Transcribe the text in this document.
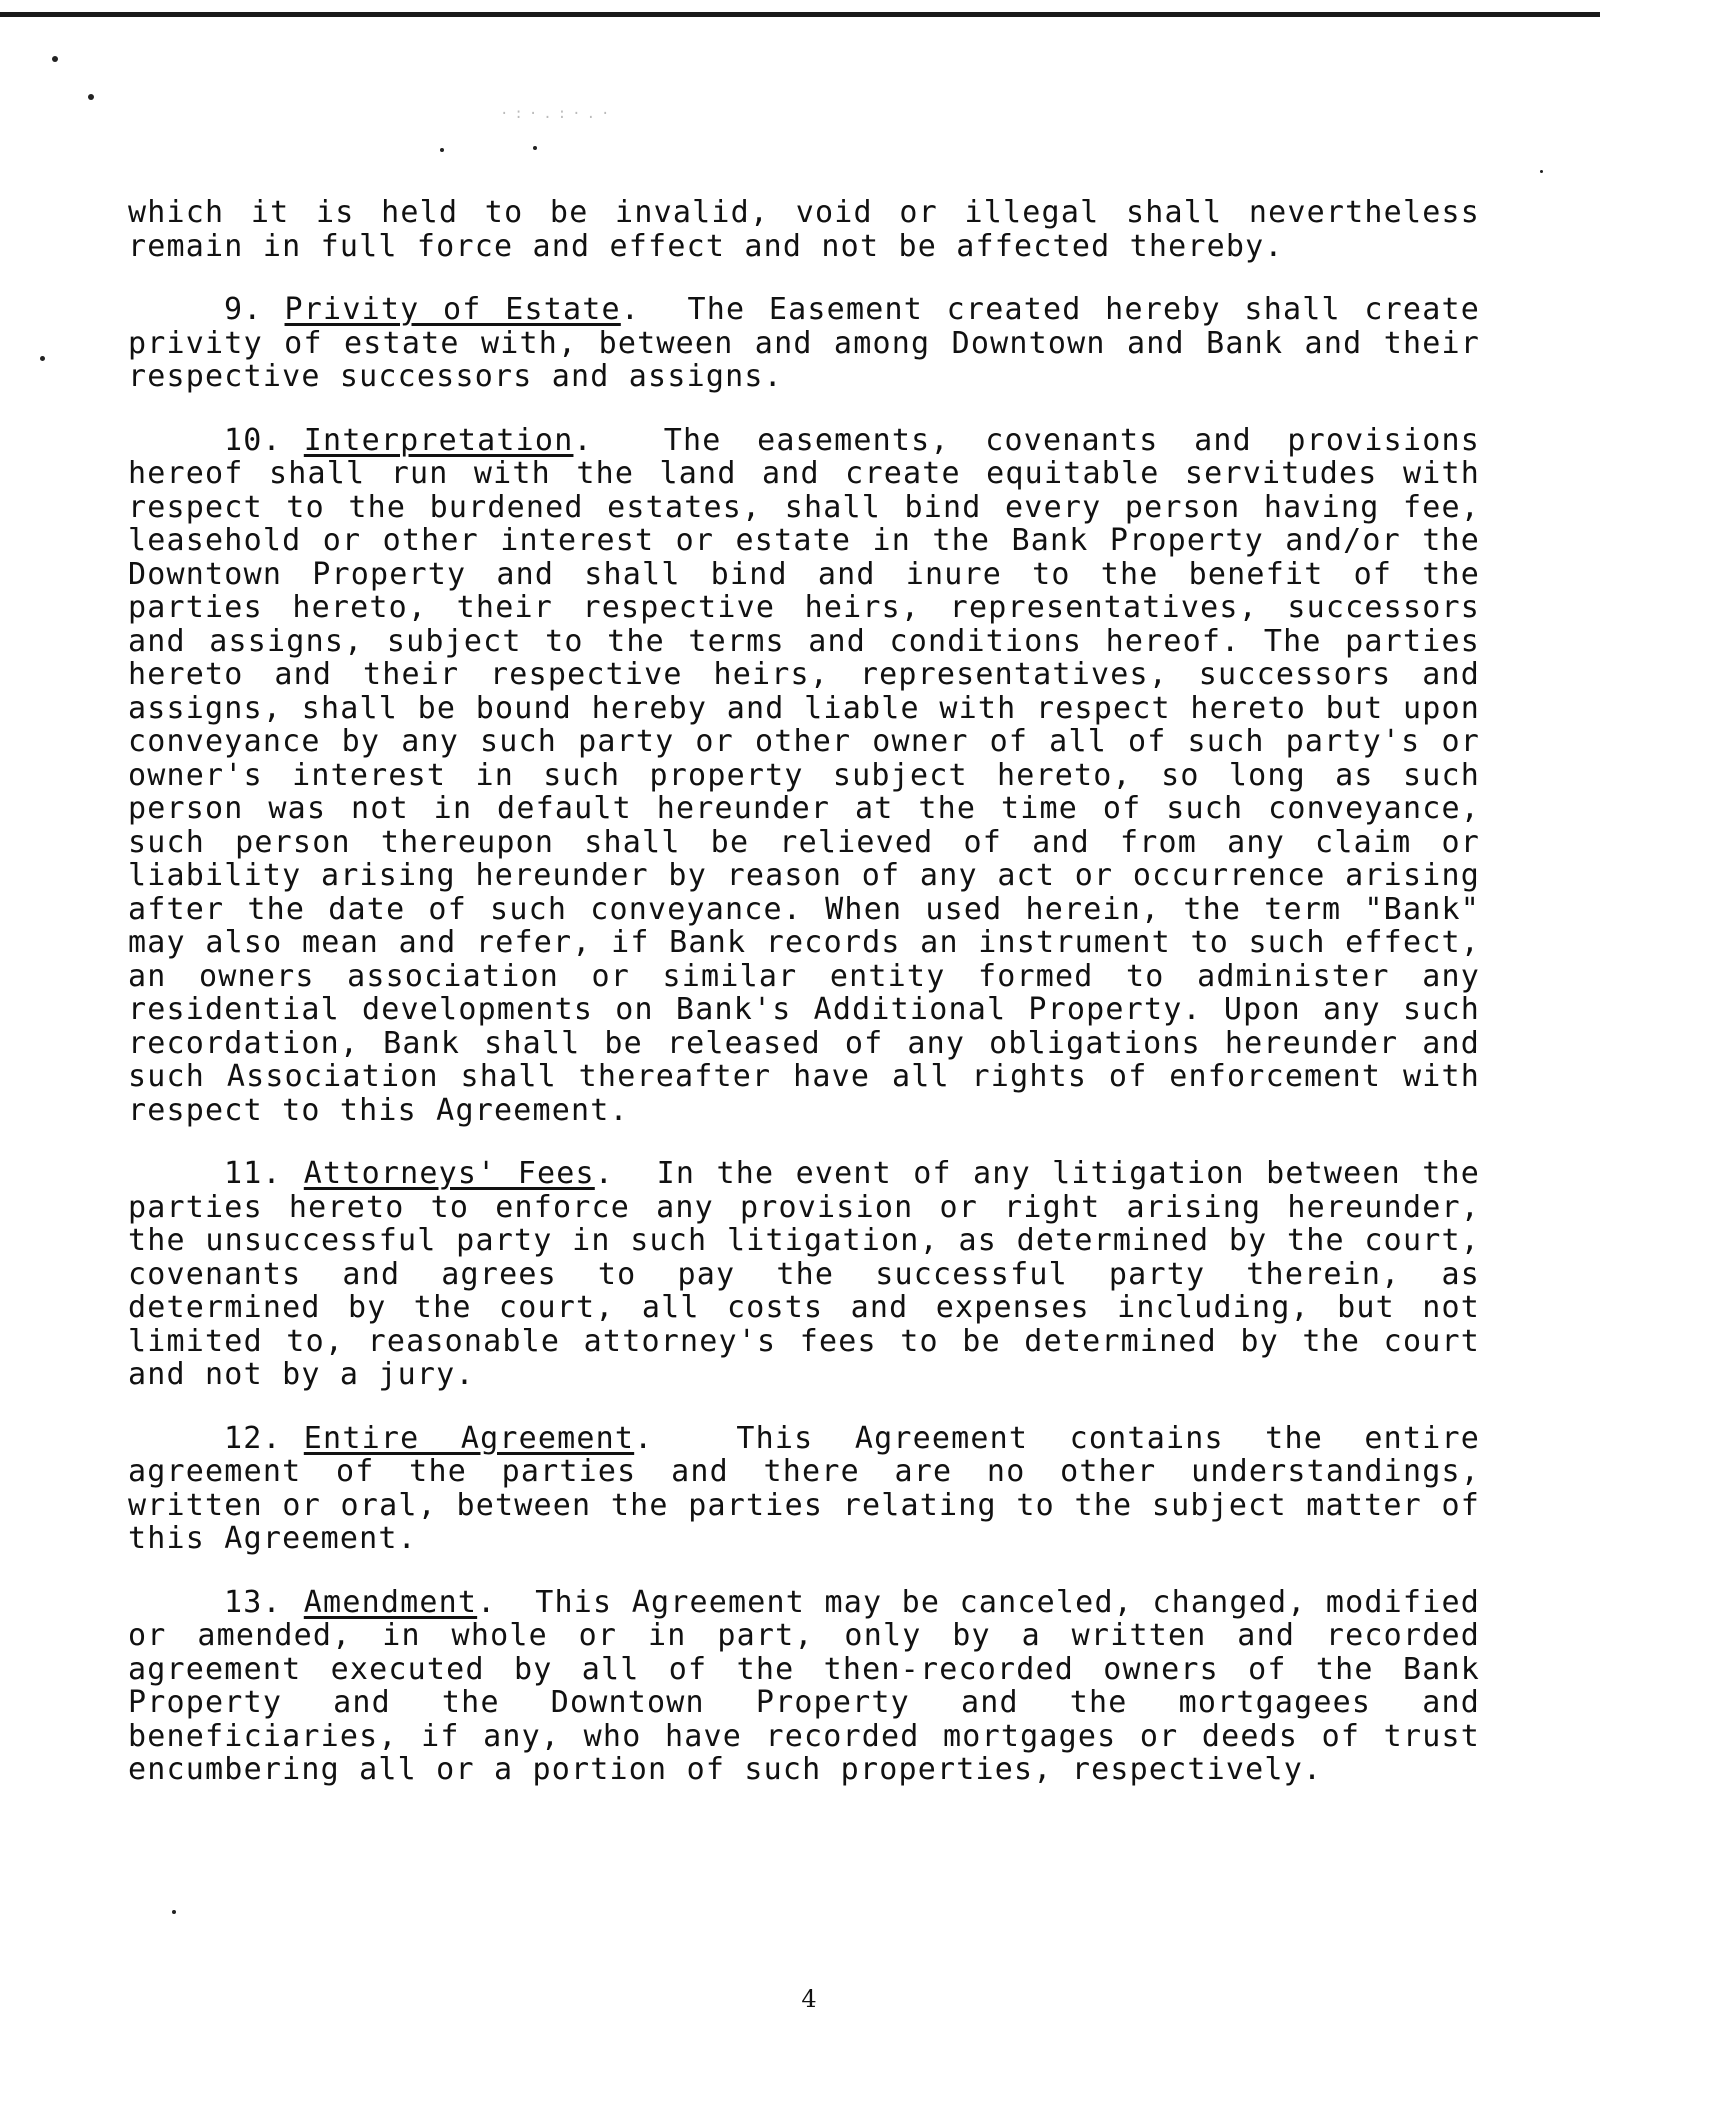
·:·.:·.·

which it is held to be invalid, void or illegal shall nevertheless remain in full force and effect and not be affected thereby.

9. Privity of Estate.  The Easement created hereby shall create privity of estate with, between and among Downtown and Bank and their respective successors and assigns.

10. Interpretation.  The easements, covenants and provisions hereof shall run with the land and create equitable servitudes with respect to the burdened estates, shall bind every person having fee, leasehold or other interest or estate in the Bank Property and/or the Downtown Property and shall bind and inure to the benefit of the parties hereto, their respective heirs, representatives, successors and assigns, subject to the terms and conditions hereof. The parties hereto and their respective heirs, representatives, successors and assigns, shall be bound hereby and liable with respect hereto but upon conveyance by any such party or other owner of all of such party's or owner's interest in such property subject hereto, so long as such person was not in default hereunder at the time of such conveyance, such person thereupon shall be relieved of and from any claim or liability arising hereunder by reason of any act or occurrence arising after the date of such conveyance. When used herein, the term "Bank" may also mean and refer, if Bank records an instrument to such effect, an owners association or similar entity formed to administer any residential developments on Bank's Additional Property. Upon any such recordation, Bank shall be released of any obligations hereunder and such Association shall thereafter have all rights of enforcement with respect to this Agreement.

11. Attorneys' Fees.  In the event of any litigation between the parties hereto to enforce any provision or right arising hereunder, the unsuccessful party in such litigation, as determined by the court, covenants and agrees to pay the successful party therein, as determined by the court, all costs and expenses including, but not limited to, reasonable attorney's fees to be determined by the court and not by a jury.

12. Entire Agreement.  This Agreement contains the entire agreement of the parties and there are no other understandings, written or oral, between the parties relating to the subject matter of this Agreement.

13. Amendment.  This Agreement may be canceled, changed, modified or amended, in whole or in part, only by a written and recorded agreement executed by all of the then-recorded owners of the Bank Property and the Downtown Property and the mortgagees and beneficiaries, if any, who have recorded mortgages or deeds of trust encumbering all or a portion of such properties, respectively.

4
